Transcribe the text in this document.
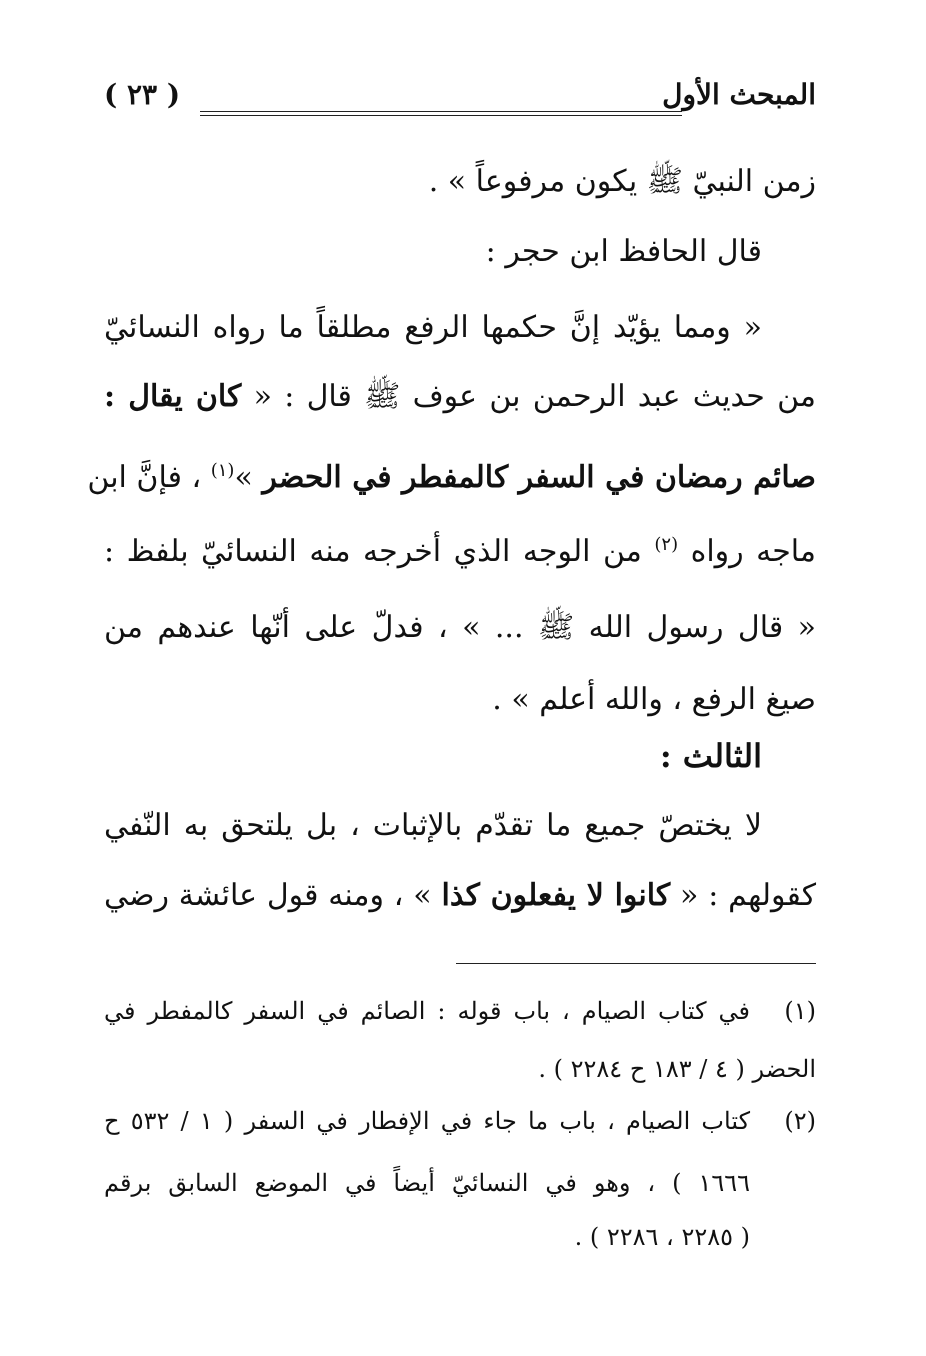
المبحث الأول
( ٢٣ )
زمن النبيّ ﷺ يكون مرفوعاً » .
قال الحافظ ابن حجر :
« ومما يؤيّد إنَّ حكمها الرفع مطلقاً ما رواه النسائيّ
من حديث عبد الرحمن بن عوف ﷺ قال : « كان يقال :
صائم رمضان في السفر كالمفطر في الحضر »$^{(١)}$ ، فإنَّ ابن
ماجه رواه $^{(٢)}$ من الوجه الذي أخرجه منه النسائيّ بلفظ :
« قال رسول الله ﷺ ... » ، فدلّ على أنّها عندهم من
صيغ الرفع ، والله أعلم » .
الثالث :
لا يختصّ جميع ما تقدّم بالإثبات ، بل يلتحق به النّفي
كقولهم : « كانوا لا يفعلون كذا » ، ومنه قول عائشة رضي
(١)
في كتاب الصيام ، باب قوله : الصائم في السفر كالمفطر في
الحضر ( ٤ / ١٨٣ ح ٢٢٨٤ ) .
(٢)
كتاب الصيام ، باب ما جاء في الإفطار في السفر ( ١ / ٥٣٢ ح
١٦٦٦ ) ، وهو في النسائيّ أيضاً في الموضع السابق برقم
( ٢٢٨٥ ، ٢٢٨٦ ) .
